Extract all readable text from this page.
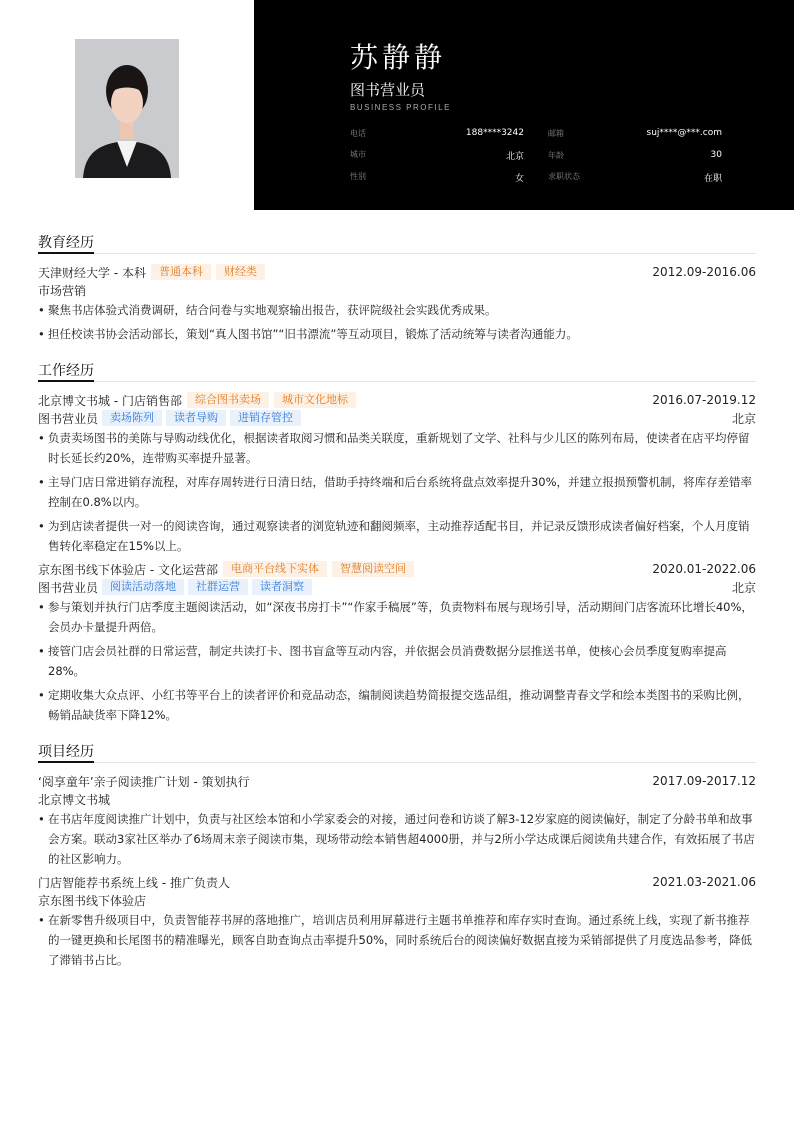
苏静静
图书营业员
BUSINESS PROFILE
电话	188****3242	邮箱	suj****@***.com
城市	北京	年龄	30
性别	女	求职状态	在职
教育经历
天津财经大学 - 本科	普通本科	财经类	2012.09-2016.06
市场营销
• 聚焦书店体验式消费调研，结合问卷与实地观察输出报告，获评院级社会实践优秀成果。
• 担任校读书协会活动部长，策划“真人图书馆”“旧书漂流”等互动项目，锻炼了活动统筹与读者沟通能力。
工作经历
北京博文书城 - 门店销售部	综合图书卖场	城市文化地标	2016.07-2019.12
图书营业员	卖场陈列	读者导购	进销存管控	北京
• 负责卖场图书的美陈与导购动线优化，根据读者取阅习惯和品类关联度，重新规划了文学、社科与少儿区的陈列布局，使读者在店平均停留时长延长约20%，连带购买率提升显著。
• 主导门店日常进销存流程，对库存周转进行日清日结，借助手持终端和后台系统将盘点效率提升30%，并建立报损预警机制，将库存差错率控制在0.8%以内。
• 为到店读者提供一对一的阅读咨询，通过观察读者的浏览轨迹和翻阅频率，主动推荐适配书目，并记录反馈形成读者偏好档案，个人月度销售转化率稳定在15%以上。
京东图书线下体验店 - 文化运营部	电商平台线下实体	智慧阅读空间	2020.01-2022.06
图书营业员	阅读活动落地	社群运营	读者洞察	北京
• 参与策划并执行门店季度主题阅读活动，如“深夜书房打卡”“作家手稿展”等，负责物料布展与现场引导，活动期间门店客流环比增长40%，会员办卡量提升两倍。
• 接管门店会员社群的日常运营，制定共读打卡、图书盲盒等互动内容，并依据会员消费数据分层推送书单，使核心会员季度复购率提高28%。
• 定期收集大众点评、小红书等平台上的读者评价和竞品动态，编制阅读趋势简报提交选品组，推动调整青春文学和绘本类图书的采购比例，畅销品缺货率下降12%。
项目经历
‘阅享童年’亲子阅读推广计划 - 策划执行	2017.09-2017.12
北京博文书城
• 在书店年度阅读推广计划中，负责与社区绘本馆和小学家委会的对接，通过问卷和访谈了解3-12岁家庭的阅读偏好，制定了分龄书单和故事会方案。联动3家社区举办了6场周末亲子阅读市集，现场带动绘本销售超4000册，并与2所小学达成课后阅读角共建合作，有效拓展了书店的社区影响力。
门店智能荐书系统上线 - 推广负责人	2021.03-2021.06
京东图书线下体验店
• 在新零售升级项目中，负责智能荐书屏的落地推广，培训店员利用屏幕进行主题书单推荐和库存实时查询。通过系统上线，实现了新书推荐的一键更换和长尾图书的精准曝光，顾客自助查询点击率提升50%，同时系统后台的阅读偏好数据直接为采销部提供了月度选品参考，降低了滞销书占比。
